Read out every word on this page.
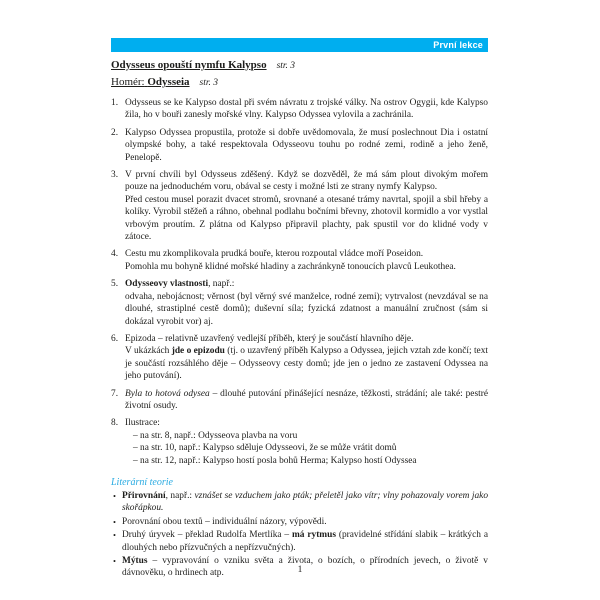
První lekce
Odysseus opouští nymfu Kalypso str. 3
Homér: Odysseia str. 3
1. Odysseus se ke Kalypso dostal při svém návratu z trojské války. Na ostrov Ogygii, kde Kalypso žila, ho v bouři zanesly mořské vlny. Kalypso Odyssea vylovila a zachránila.
2. Kalypso Odyssea propustila, protože si dobře uvědomovala, že musí poslechnout Dia i ostatní olympské bohy, a také respektovala Odysseovu touhu po rodné zemi, rodině a jeho ženě, Penelopě.
3. V první chvíli byl Odysseus zděšený. Když se dozvěděl, že má sám plout divokým mořem pouze na jednoduchém voru, obával se cesty i možné lsti ze strany nymfy Kalypso.
Před cestou musel porazit dvacet stromů, srovnané a otesané trámy navrtal, spojil a sbil hřeby a kolíky. Vyrobil stěžeň a ráhno, obehnal podlahu bočními břevny, zhotovil kormidlo a vor vystlal vrbovým proutím. Z plátna od Kalypso připravil plachty, pak spustil vor do klidné vody v zátoce.
4. Cestu mu zkomplikovala prudká bouře, kterou rozpoutal vládce moří Poseidon.
Pomohla mu bohyně klidné mořské hladiny a zachránkyně tonoucích plavců Leukothea.
5. Odysseovy vlastnosti, např.:
odvaha, nebojácnost; věrnost (byl věrný své manželce, rodné zemi); vytrvalost (nevzdával se na dlouhé, strastiplné cestě domů); duševní síla; fyzická zdatnost a manuální zručnost (sám si dokázal vyrobit vor) aj.
6. Epizoda – relativně uzavřený vedlejší příběh, který je součástí hlavního děje.
V ukázkách jde o epizodu (tj. o uzavřený příběh Kalypso a Odyssea, jejich vztah zde končí; text je součástí rozsáhlého děje – Odysseovy cesty domů; jde jen o jedno ze zastavení Odyssea na jeho putování).
7. Byla to hotová odysea – dlouhé putování přinášející nesnáze, těžkosti, strádání; ale také: pestré životní osudy.
8. Ilustrace:
– na str. 8, např.: Odysseova plavba na voru
– na str. 10, např.: Kalypso sděluje Odysseovi, že se může vrátit domů
– na str. 12, např.: Kalypso hostí posla bohů Herma; Kalypso hostí Odyssea
Literární teorie
• Přirovnání, např.: vznášet se vzduchem jako pták; přeletěl jako vítr; vlny pohazovaly vorem jako skořápkou.
• Porovnání obou textů – individuální názory, výpovědi.
• Druhý úryvek – překlad Rudolfa Mertlíka – má rytmus (pravidelné střídání slabik – krátkých a dlouhých nebo přízvučných a nepřízvučných).
• Mýtus – vypravování o vzniku světa a života, o bozích, o přírodních jevech, o životě v dávnověku, o hrdinech atp.	1
